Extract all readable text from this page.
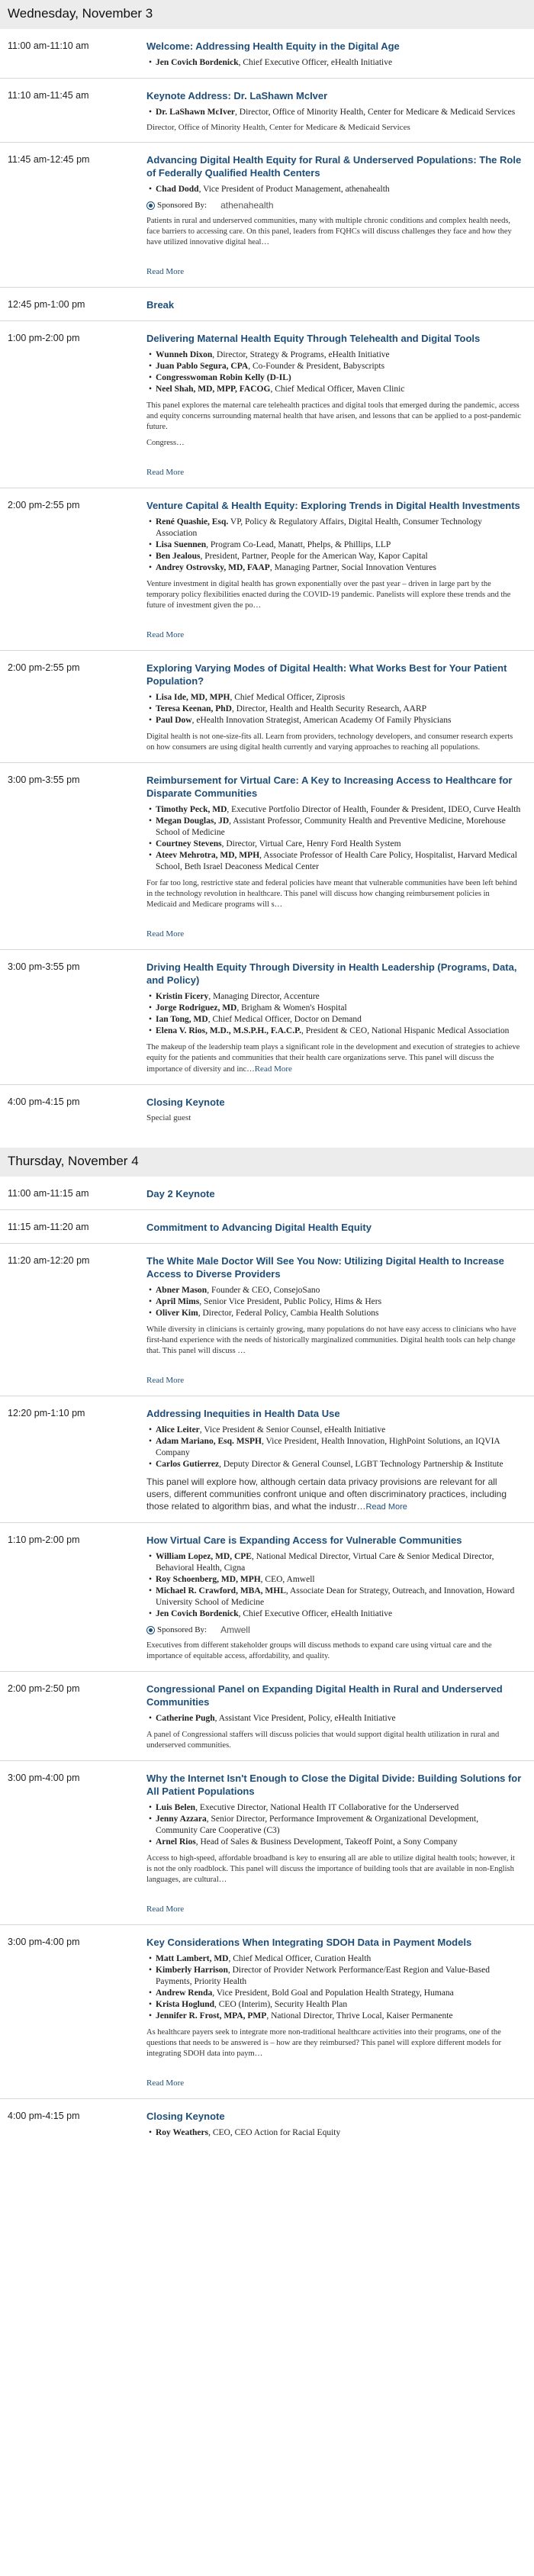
Wednesday, November 3
11:00 am-11:10 am	Welcome: Addressing Health Equity in the Digital Age
• Jen Covich Bordenick, Chief Executive Officer, eHealth Initiative
11:10 am-11:45 am	Keynote Address: Dr. LaShawn McIver
• Dr. LaShawn McIver, Director, Office of Minority Health, Center for Medicare & Medicaid Services
Director, Office of Minority Health, Center for Medicare & Medicaid Services
11:45 am-12:45 pm	Advancing Digital Health Equity for Rural & Underserved Populations: The Role of Federally Qualified Health Centers
• Chad Dodd, Vice President of Product Management, athenahealth
Sponsored By: athenahealth
Patients in rural and underserved communities, many with multiple chronic conditions and complex health needs, face barriers to accessing care. On this panel, leaders from FQHCs will discuss challenges they face and how they have utilized innovative digital heal…

Read More
12:45 pm-1:00 pm	Break
1:00 pm-2:00 pm	Delivering Maternal Health Equity Through Telehealth and Digital Tools
• Wunneh Dixon, Director, Strategy & Programs, eHealth Initiative
• Juan Pablo Segura, CPA, Co-Founder & President, Babyscripts
• Congresswoman Robin Kelly (D-IL)
• Neel Shah, MD, MPP, FACOG, Chief Medical Officer, Maven Clinic
This panel explores the maternal care telehealth practices and digital tools that emerged during the pandemic, access and equity concerns surrounding maternal health that have arisen, and lessons that can be applied to a post-pandemic future.
Congress…

Read More
2:00 pm-2:55 pm	Venture Capital & Health Equity: Exploring Trends in Digital Health Investments
• René Quashie, Esq. VP, Policy & Regulatory Affairs, Digital Health, Consumer Technology Association
• Lisa Suennen, Program Co-Lead, Manatt, Phelps, & Phillips, LLP
• Ben Jealous, President, Partner, People for the American Way, Kapor Capital
• Andrey Ostrovsky, MD, FAAP, Managing Partner, Social Innovation Ventures
Venture investment in digital health has grown exponentially over the past year – driven in large part by the temporary policy flexibilities enacted during the COVID-19 pandemic. Panelists will explore these trends and the future of investment given the po…

Read More
2:00 pm-2:55 pm	Exploring Varying Modes of Digital Health: What Works Best for Your Patient Population?
• Lisa Ide, MD, MPH, Chief Medical Officer, Ziprosis
• Teresa Keenan, PhD, Director, Health and Health Security Research, AARP
• Paul Dow, eHealth Innovation Strategist, American Academy Of Family Physicians
Digital health is not one-size-fits all. Learn from providers, technology developers, and consumer research experts on how consumers are using digital health currently and varying approaches to reaching all populations.
3:00 pm-3:55 pm	Reimbursement for Virtual Care: A Key to Increasing Access to Healthcare for Disparate Communities
• Timothy Peck, MD, Executive Portfolio Director of Health, Founder & President, IDEO, Curve Health
• Megan Douglas, JD, Assistant Professor, Community Health and Preventive Medicine, Morehouse School of Medicine
• Courtney Stevens, Director, Virtual Care, Henry Ford Health System
• Ateev Mehrotra, MD, MPH, Associate Professor of Health Care Policy, Hospitalist, Harvard Medical School, Beth Israel Deaconess Medical Center
For far too long, restrictive state and federal policies have meant that vulnerable communities have been left behind in the technology revolution in healthcare. This panel will discuss how changing reimbursement policies in Medicaid and Medicare programs will s…

Read More
3:00 pm-3:55 pm	Driving Health Equity Through Diversity in Health Leadership (Programs, Data, and Policy)
• Kristin Ficery, Managing Director, Accenture
• Jorge Rodriguez, MD, Brigham & Women's Hospital
• Ian Tong, MD, Chief Medical Officer, Doctor on Demand
• Elena V. Rios, M.D., M.S.P.H., F.A.C.P., President & CEO, National Hispanic Medical Association
The makeup of the leadership team plays a significant role in the development and execution of strategies to achieve equity for the patients and communities that their health care organizations serve. This panel will discuss the importance of diversity and inc…Read More
4:00 pm-4:15 pm	Closing Keynote
Special guest
Thursday, November 4
11:00 am-11:15 am	Day 2 Keynote
11:15 am-11:20 am	Commitment to Advancing Digital Health Equity
11:20 am-12:20 pm	The White Male Doctor Will See You Now: Utilizing Digital Health to Increase Access to Diverse Providers
• Abner Mason, Founder & CEO, ConsejoSano
• April Mims, Senior Vice President, Public Policy, Hims & Hers
• Oliver Kim, Director, Federal Policy, Cambia Health Solutions
While diversity in clinicians is certainly growing, many populations do not have easy access to clinicians who have first-hand experience with the needs of historically marginalized communities. Digital health tools can help change that. This panel will discuss …

Read More
12:20 pm-1:10 pm	Addressing Inequities in Health Data Use
• Alice Leiter, Vice President & Senior Counsel, eHealth Initiative
• Adam Mariano, Esq. MSPH, Vice President, Health Innovation, HighPoint Solutions, an IQVIA Company
• Carlos Gutierrez, Deputy Director & General Counsel, LGBT Technology Partnership & Institute
This panel will explore how, although certain data privacy provisions are relevant for all users, different communities confront unique and often discriminatory practices, including those related to algorithm bias, and what the industr…Read More
1:10 pm-2:00 pm	How Virtual Care is Expanding Access for Vulnerable Communities
• William Lopez, MD, CPE, National Medical Director, Virtual Care & Senior Medical Director, Behavioral Health, Cigna
• Roy Schoenberg, MD, MPH, CEO, Amwell
• Michael R. Crawford, MBA, MHL, Associate Dean for Strategy, Outreach, and Innovation, Howard University School of Medicine
• Jen Covich Bordenick, Chief Executive Officer, eHealth Initiative
Sponsored By: Amwell
Executives from different stakeholder groups will discuss methods to expand care using virtual care and the importance of equitable access, affordability, and quality.
2:00 pm-2:50 pm	Congressional Panel on Expanding Digital Health in Rural and Underserved Communities
• Catherine Pugh, Assistant Vice President, Policy, eHealth Initiative
A panel of Congressional staffers will discuss policies that would support digital health utilization in rural and underserved communities.
3:00 pm-4:00 pm	Why the Internet Isn't Enough to Close the Digital Divide: Building Solutions for All Patient Populations
• Luis Belen, Executive Director, National Health IT Collaborative for the Underserved
• Jenny Azzara, Senior Director, Performance Improvement & Organizational Development, Community Care Cooperative (C3)
• Arnel Rios, Head of Sales & Business Development, Takeoff Point, a Sony Company
Access to high-speed, affordable broadband is key to ensuring all are able to utilize digital health tools; however, it is not the only roadblock. This panel will discuss the importance of building tools that are available in non-English languages, are cultural…

Read More
3:00 pm-4:00 pm	Key Considerations When Integrating SDOH Data in Payment Models
• Matt Lambert, MD, Chief Medical Officer, Curation Health
• Kimberly Harrison, Director of Provider Network Performance/East Region and Value-Based Payments, Priority Health
• Andrew Renda, Vice President, Bold Goal and Population Health Strategy, Humana
• Krista Hoglund, CEO (Interim), Security Health Plan
• Jennifer R. Frost, MPA, PMP, National Director, Thrive Local, Kaiser Permanente
As healthcare payers seek to integrate more non-traditional healthcare activities into their programs, one of the questions that needs to be answered is – how are they reimbursed? This panel will explore different models for integrating SDOH data into paym…

Read More
4:00 pm-4:15 pm	Closing Keynote
• Roy Weathers, CEO, CEO Action for Racial Equity
